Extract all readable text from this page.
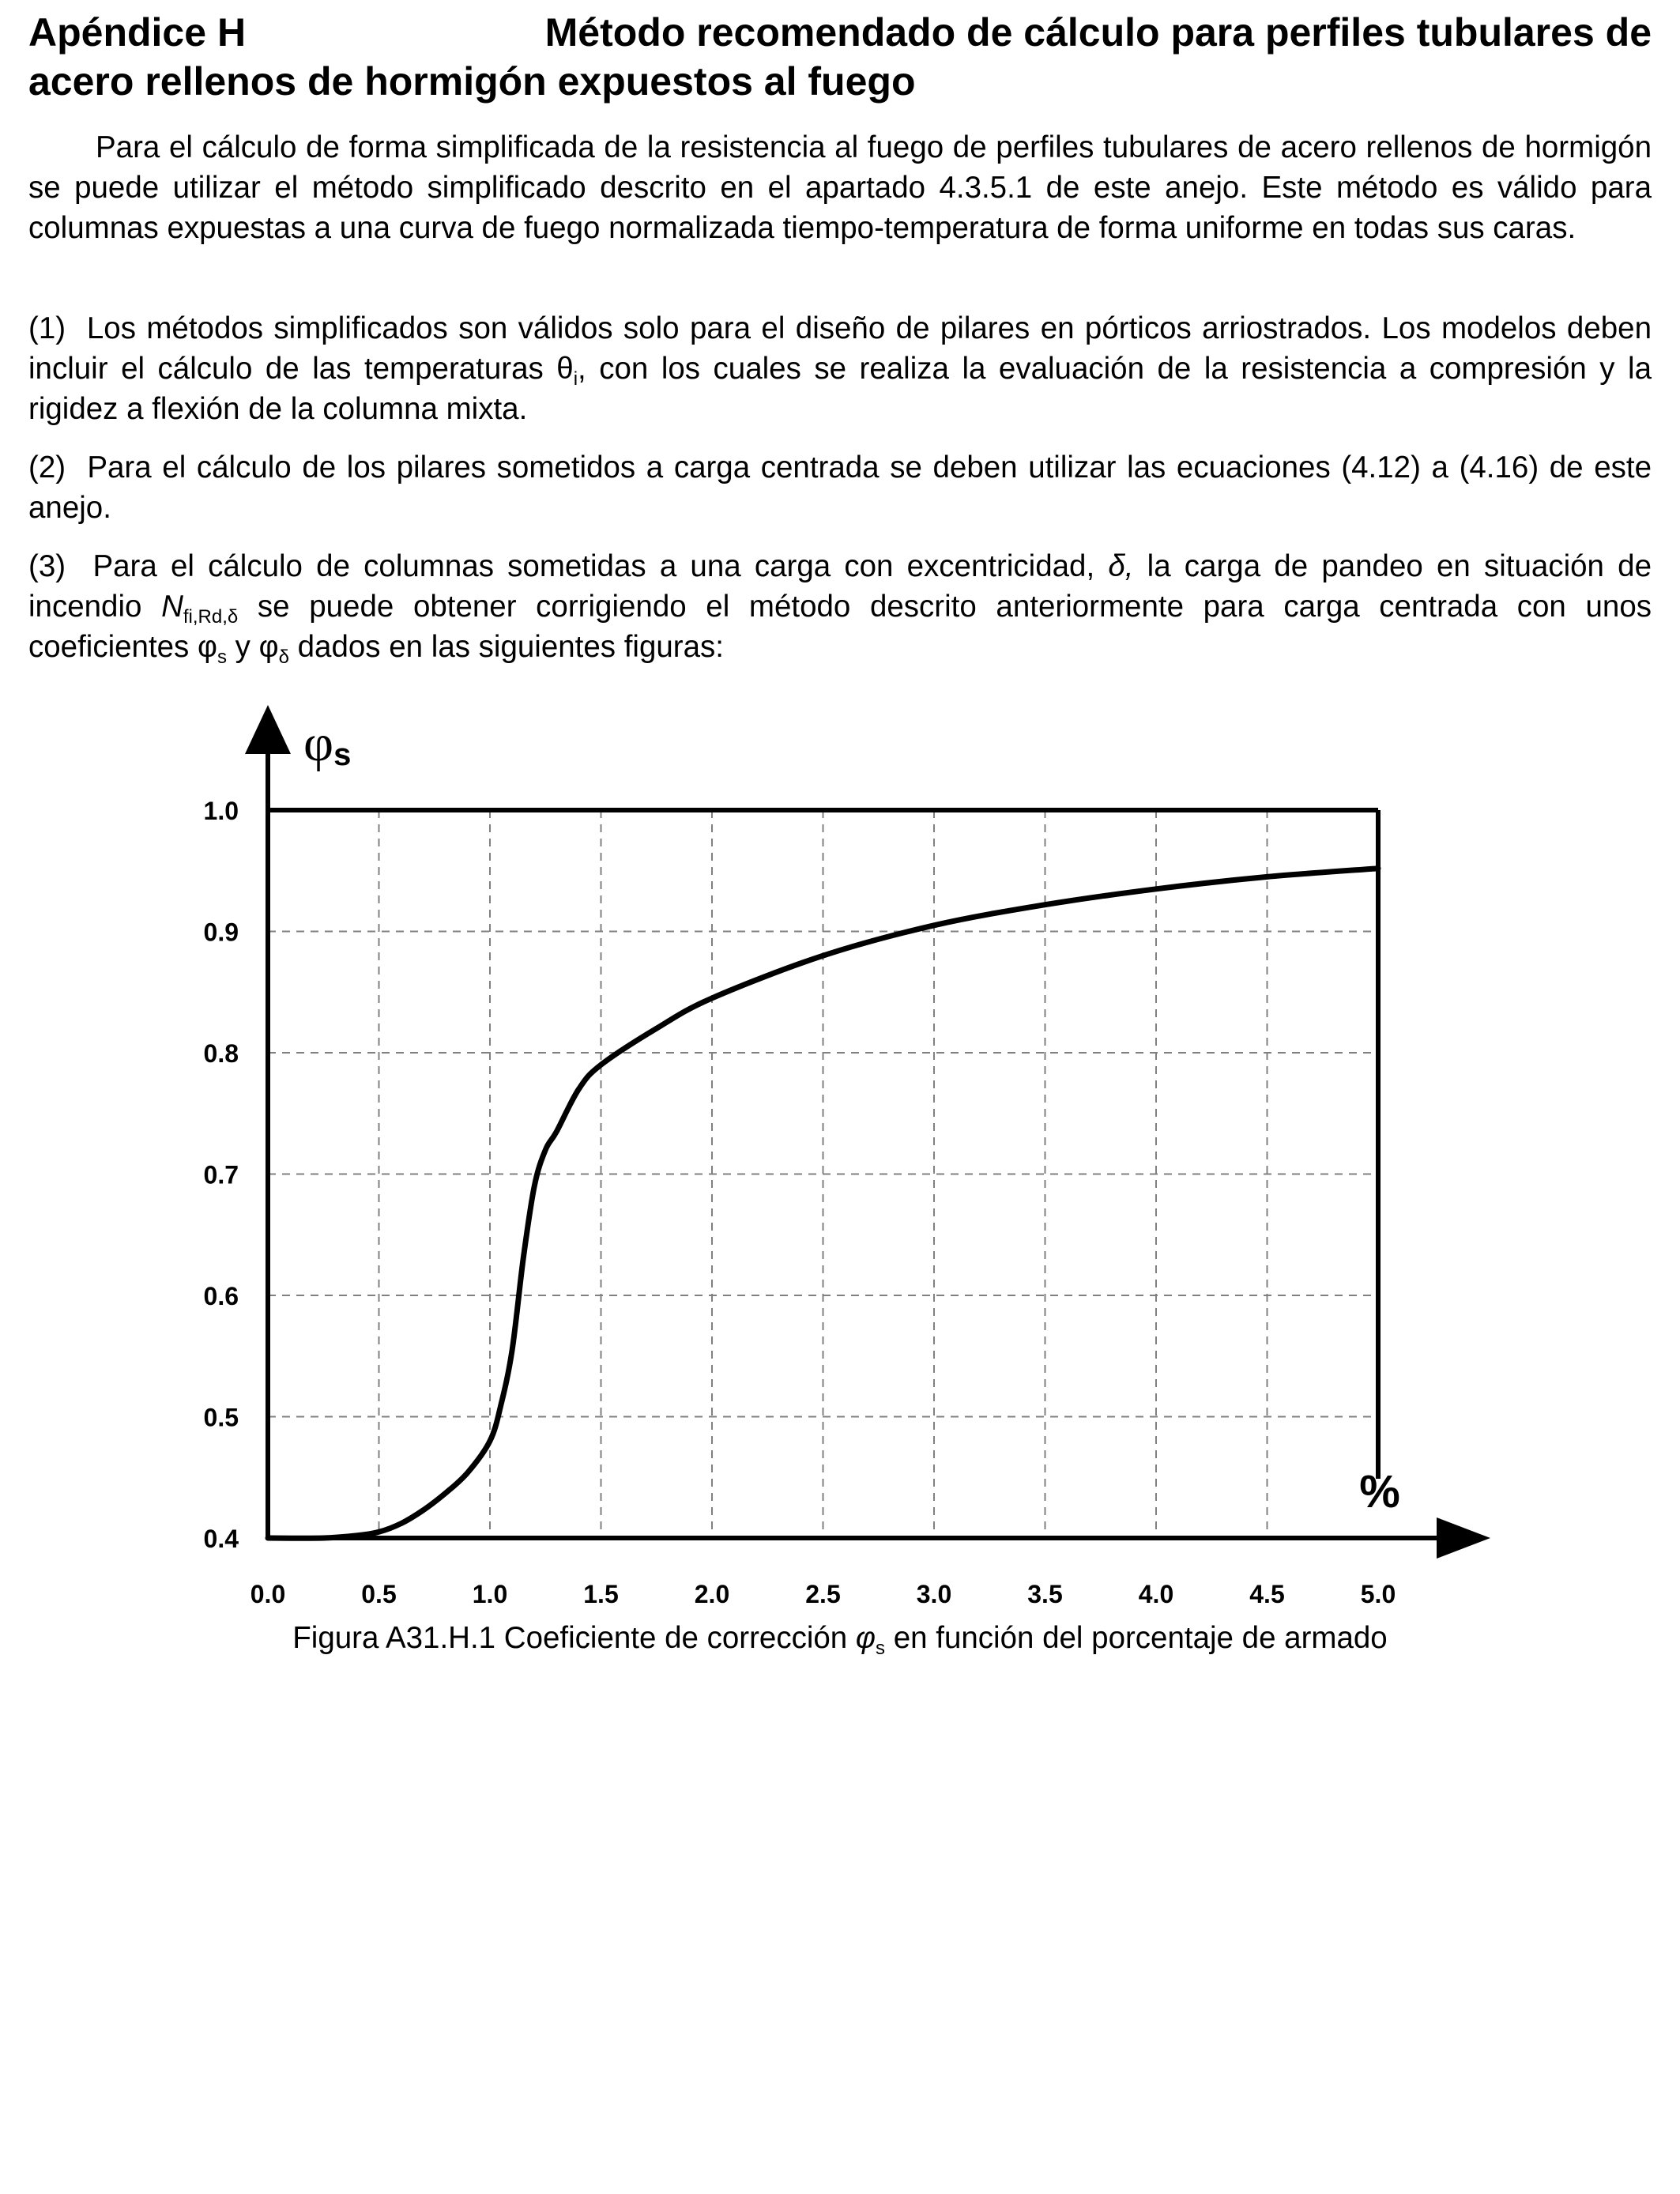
Apéndice H	Método recomendado de cálculo para perfiles tubulares de
acero rellenos de hormigón expuestos al fuego

Para el cálculo de forma simplificada de la resistencia al fuego de perfiles tubulares de acero rellenos de hormigón se puede utilizar el método simplificado descrito en el apartado 4.3.5.1 de este anejo. Este método es válido para columnas expuestas a una curva de fuego normalizada tiempo-temperatura de forma uniforme en todas sus caras.

(1) Los métodos simplificados son válidos solo para el diseño de pilares en pórticos arriostrados. Los modelos deben incluir el cálculo de las temperaturas $\theta_i$, con los cuales se realiza la evaluación de la resistencia a compresión y la rigidez a flexión de la columna mixta.

(2) Para el cálculo de los pilares sometidos a carga centrada se deben utilizar las ecuaciones (4.12) a (4.16) de este anejo.

(3) Para el cálculo de columnas sometidas a una carga con excentricidad, δ, la carga de pandeo en situación de incendio $N_{fi,Rd,\delta}$ se puede obtener corrigiendo el método descrito anteriormente para carga centrada con unos coeficientes $\varphi_s$ y $\varphi_\delta$ dados en las siguientes figuras:

Figura A31.H.1 Coeficiente de corrección $\varphi_s$ en función del porcentaje de armado
0.0	0.5	1.0	1.5	2.0	2.5	3.0	3.5	4.0	4.5	5.0
0.4
0.5
0.6
0.7
0.8
0.9
1.0
φs
%
